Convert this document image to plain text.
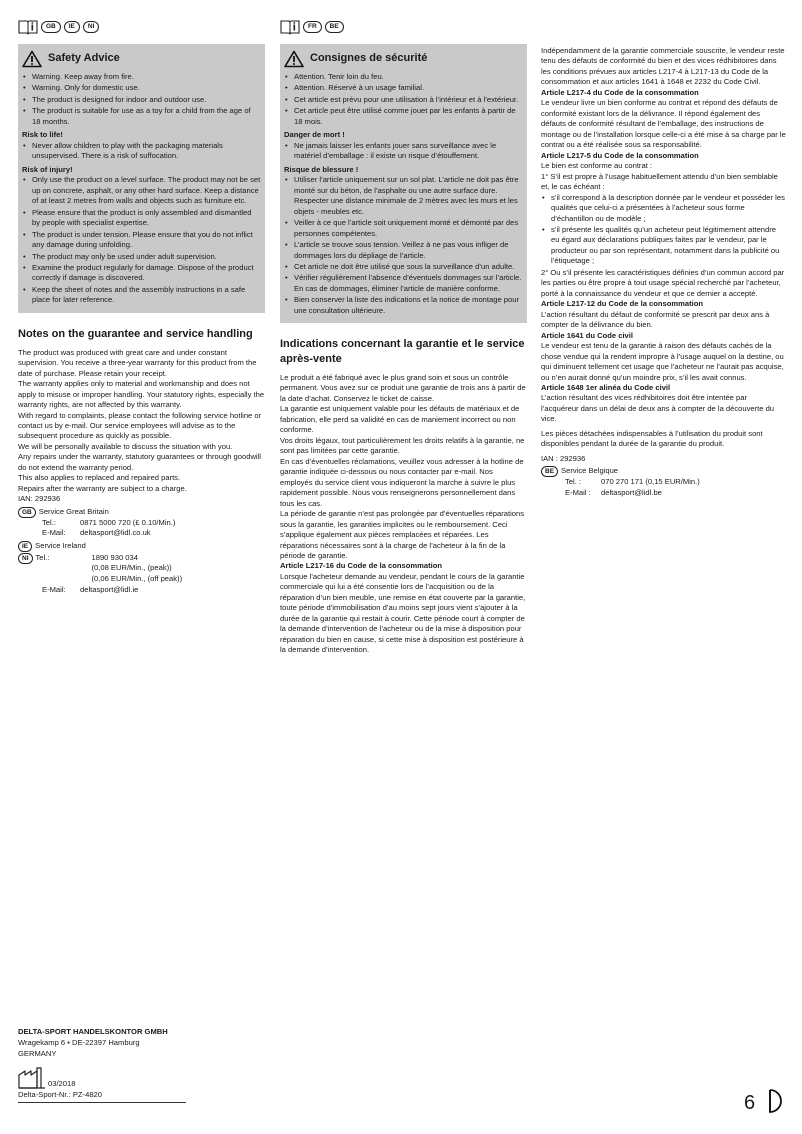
GB	IE	NI
Safety Advice
• Warning. Keep away from fire.
• Warning. Only for domestic use.
• The product is designed for indoor and outdoor use.
• The product is suitable for use as a toy for a child from the age of 18 months.
Risk to life!
• Never allow children to play with the packaging materials unsupervised. There is a risk of suffocation.
Risk of injury!
• Only use the product on a level surface. The product may not be set up on concrete, asphalt, or any other hard surface. Keep a distance of at least 2 metres from walls and objects such as furniture etc.
• Please ensure that the product is only assembled and dismantled by people with specialist expertise.
• The product is under tension. Please ensure that you do not inflict any damage during unfolding.
• The product may only be used under adult supervision.
• Examine the product regularly for damage. Dispose of the product correctly if damage is discovered.
• Keep the sheet of notes and the assembly instructions in a safe place for later reference.
Notes on the guarantee and service handling

The product was produced with great care and under constant supervision. You receive a three-year warranty for this product from the date of purchase. Please retain your receipt.

The warranty applies only to material and workmanship and does not apply to misuse or improper handling. Your statutory rights, especially the warranty rights, are not affected by this warranty.

With regard to complaints, please contact the following service hotline or contact us by e-mail. Our service employees will advise as to the subsequent procedure as quickly as possible.

We will be personally available to discuss the situation with you.

Any repairs under the warranty, statutory guarantees or through goodwill do not extend the warranty period.

This also applies to replaced and repaired parts.

Repairs after the warranty are subject to a charge.

IAN: 292936

GB Service Great Britain
Tel.:	0871 5000 720 (£ 0.10/Min.)
E-Mail:	deltasport@lidl.co.uk
IE Service Ireland
NI Tel.:	1890 930 034
(0,08 EUR/Min., (peak))
(0,06 EUR/Min., (off peak))
E-Mail:	deltasport@lidl.ie
FR	BE
Consignes de sécurité
• Attention. Tenir loin du feu.
• Attention. Réservé à un usage familial.
• Cet article est prévu pour une utilisation à l’intérieur et à l’extérieur.
• Cet article peut être utilisé comme jouet par les enfants à partir de 18 mois.
Danger de mort !
• Ne jamais laisser les enfants jouer sans surveillance avec le matériel d’emballage : il existe un risque d’étouffement.
Risque de blessure !
• Utiliser l’article uniquement sur un sol plat. L’article ne doit pas être monté sur du béton, de l’asphalte ou une autre surface dure. Respecter une distance minimale de 2 mètres avec les murs et les objets - meubles etc.
• Veiller à ce que l’article soit uniquement monté et démonté par des personnes compétentes.
• L’article se trouve sous tension. Veillez à ne pas vous infliger de dommages lors du dépliage de l’article.
• Cet article ne doit être utilisé que sous la surveillance d’un adulte.
• Vérifier régulièrement l’absence d’éventuels dommages sur l’article. En cas de dommages, éliminer l’article de manière conforme.
• Bien conserver la liste des indications et la notice de montage pour une consultation ultérieure.
Indications concernant la garantie et le service après-vente

Le produit a été fabriqué avec le plus grand soin et sous un contrôle permanent. Vous avez sur ce produit une garantie de trois ans à partir de la date d’achat. Conservez le ticket de caisse.

La garantie est uniquement valable pour les défauts de matériaux et de fabrication, elle perd sa validité en cas de maniement incorrect ou non conforme.

Vos droits légaux, tout particulièrement les droits relatifs à la garantie, ne sont pas limitées par cette garantie.

En cas d’éventuelles réclamations, veuillez vous adresser à la hotline de garantie indiquée ci-dessous ou nous contacter par e-mail. Nos employés du service client vous indiqueront la marche à suivre le plus rapidement possible. Nous vous renseignerons personnellement dans tous les cas.

La période de garantie n’est pas prolongée par d’éventuelles réparations sous la garantie, les garanties implicites ou le remboursement. Ceci s’applique également aux pièces remplacées et réparées. Les réparations nécessaires sont à la charge de l’acheteur à la fin de la période de garantie.

Article L217-16 du Code de la consommation

Lorsque l’acheteur demande au vendeur, pendant le cours de la garantie commerciale qui lui a été consentie lors de l’acquisition ou de la réparation d’un bien meuble, une remise en état couverte par la garantie, toute période d’immobilisation d’au moins sept jours vient s’ajouter à la durée de la garantie qui restait à courir. Cette période court à compter de la demande d’intervention de l’acheteur ou de la mise à disposition pour réparation du bien en cause, si cette mise à disposition est postérieure à la demande d’intervention.

Indépendamment de la garantie commerciale souscrite, le vendeur reste tenu des défauts de conformité du bien et des vices rédhibitoires dans les conditions prévues aux articles L217-4 à L217-13 du Code de la consommation et aux articles 1641 à 1648 et 2232 du Code Civil.

Article L217-4 du Code de la consommation

Le vendeur livre un bien conforme au contrat et répond des défauts de conformité existant lors de la délivrance. Il répond également des défauts de conformité résultant de l’emballage, des instructions de montage ou de l’installation lorsque celle-ci a été mise à sa charge par le contrat ou a été réalisée sous sa responsabilité.

Article L217-5 du Code de la consommation

Le bien est conforme au contrat :

1° S’il est propre à l’usage habituellement attendu d’un bien semblable et, le cas échéant :

• s’il correspond à la description donnée par le vendeur et posséder les qualités que celui-ci a présentées à l’acheteur sous forme d’échantillon ou de modèle ;
• s’il présente les qualités qu’un acheteur peut légitimement attendre eu égard aux déclarations publiques faites par le vendeur, par le producteur ou par son représentant, notamment dans la publicité ou l’étiquetage ;

2° Ou s’il présente les caractéristiques définies d’un commun accord par les parties ou être propre à tout usage spécial recherché par l’acheteur, porté à la connaissance du vendeur et que ce dernier a accepté.

Article L217-12 du Code de la consommation

L’action résultant du défaut de conformité se prescrit par deux ans à compter de la délivrance du bien.

Article 1641 du Code civil

Le vendeur est tenu de la garantie à raison des défauts cachés de la chose vendue qui la rendent impropre à l’usage auquel on la destine, ou qui diminuent tellement cet usage que l’acheteur ne l’aurait pas acquise, ou n’en aurait donné qu’un moindre prix, s’il les avait connus.

Article 1648 1er alinéa du Code civil

L’action résultant des vices rédhibitoires doit être intentée par l’acquéreur dans un délai de deux ans à compter de la découverte du vice.

Les pièces détachées indispensables à l’utilisation du produit sont disponibles pendant la durée de la garantie du produit.

IAN : 292936

BE Service Belgique
Tel. :	070 270 171 (0,15 EUR/Min.)
E-Mail :	deltasport@lidl.be
DELTA-SPORT HANDELSKONTOR GMBH
Wragekamp 6 • DE-22397 Hamburg
GERMANY
03/2018
Delta-Sport-Nr.: PZ-4820	6
